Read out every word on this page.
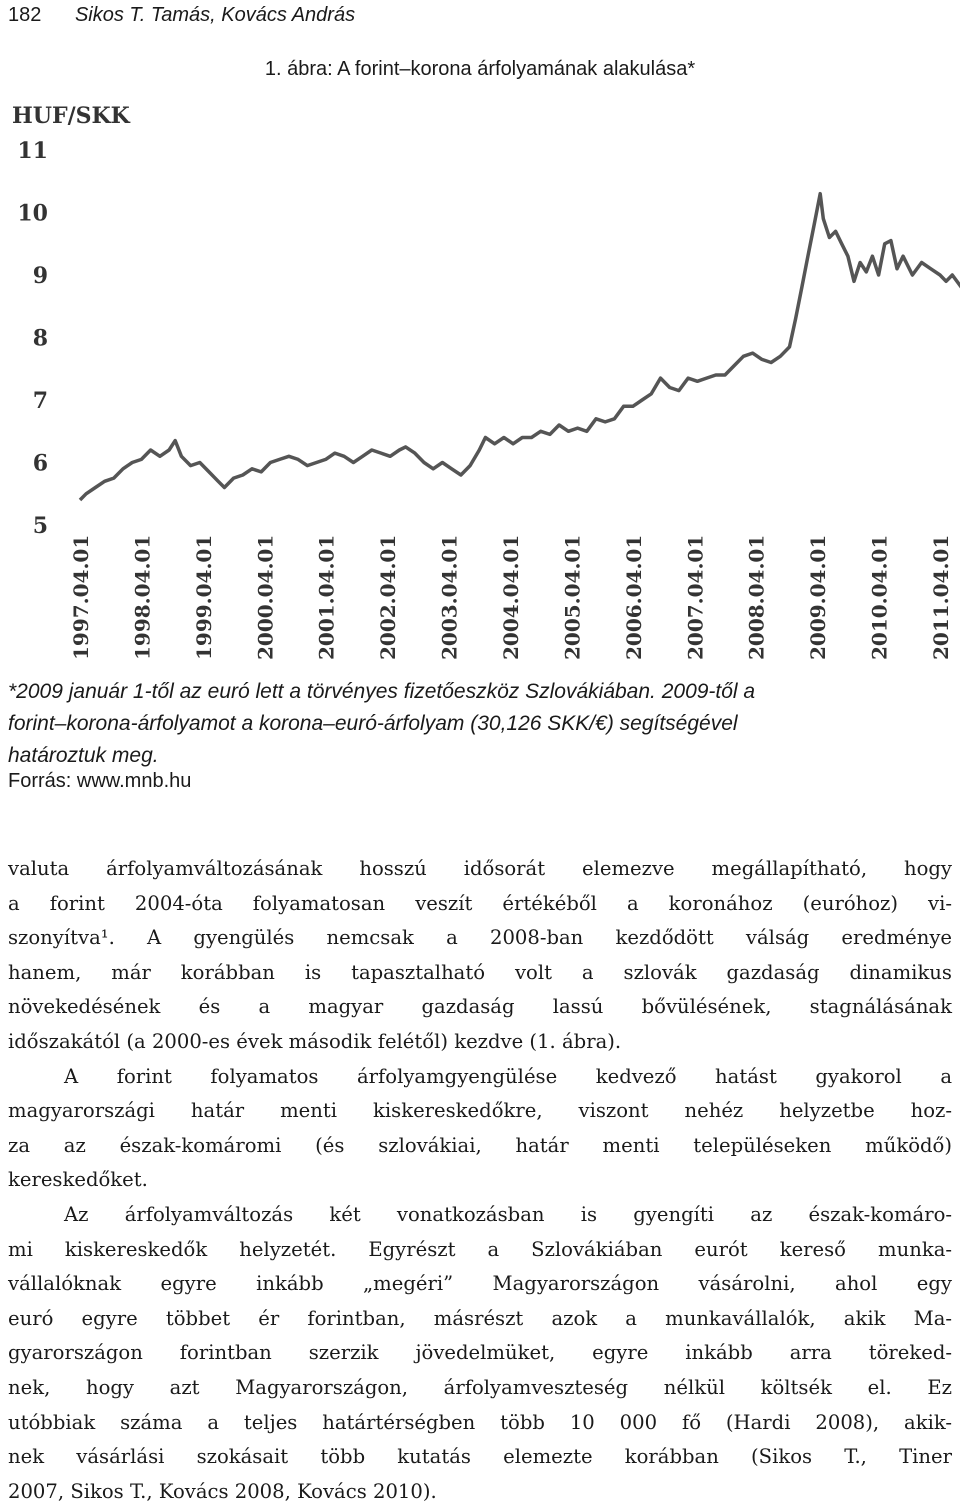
182 Sikos T. Tamás, Kovács András
1. ábra: A forint–korona árfolyamának alakulása*
HUF/SKK
5
6
7
8
9
10
11
1997.04.01 1998.04.01 1999.04.01 2000.04.01 2001.04.01 2002.04.01 2003.04.01 2004.04.01 2005.04.01 2006.04.01 2007.04.01 2008.04.01 2009.04.01 2010.04.01 2011.04.01

*2009 január 1-től az euró lett a törvényes fizetőeszköz Szlovákiában. 2009-től a

forint–korona-árfolyamot a korona–euró-árfolyam (30,126 SKK/€) segítségével

határoztuk meg.

Forrás: www.mnb.hu

valuta árfolyamváltozásának hosszú idősorát elemezve megállapítható, hogy

a forint 2004-óta folyamatosan veszít értékéből a koronához (euróhoz) vi-

szonyítva¹. A gyengülés nemcsak a 2008-ban kezdődött válság eredménye

hanem, már korábban is tapasztalható volt a szlovák gazdaság dinamikus

növekedésének és a magyar gazdaság lassú bővülésének, stagnálásának

időszakától (a 2000-es évek második felétől) kezdve (1. ábra).

A forint folyamatos árfolyamgyengülése kedvező hatást gyakorol a

magyarországi határ menti kiskereskedőkre, viszont nehéz helyzetbe hoz-

za az észak-komáromi (és szlovákiai, határ menti településeken működő)

kereskedőket.

Az árfolyamváltozás két vonatkozásban is gyengíti az észak-komáro-

mi kiskereskedők helyzetét. Egyrészt a Szlovákiában eurót kereső munka-

vállalóknak egyre inkább „megéri” Magyarországon vásárolni, ahol egy

euró egyre többet ér forintban, másrészt azok a munkavállalók, akik Ma-

gyarországon forintban szerzik jövedelmüket, egyre inkább arra töreked-

nek, hogy azt Magyarországon, árfolyamveszteség nélkül költsék el. Ez

utóbbiak száma a teljes határtérségben több 10 000 fő (Hardi 2008), akik-

nek vásárlási szokásait több kutatás elemezte korábban (Sikos T., Tiner

2007, Sikos T., Kovács 2008, Kovács 2010).
